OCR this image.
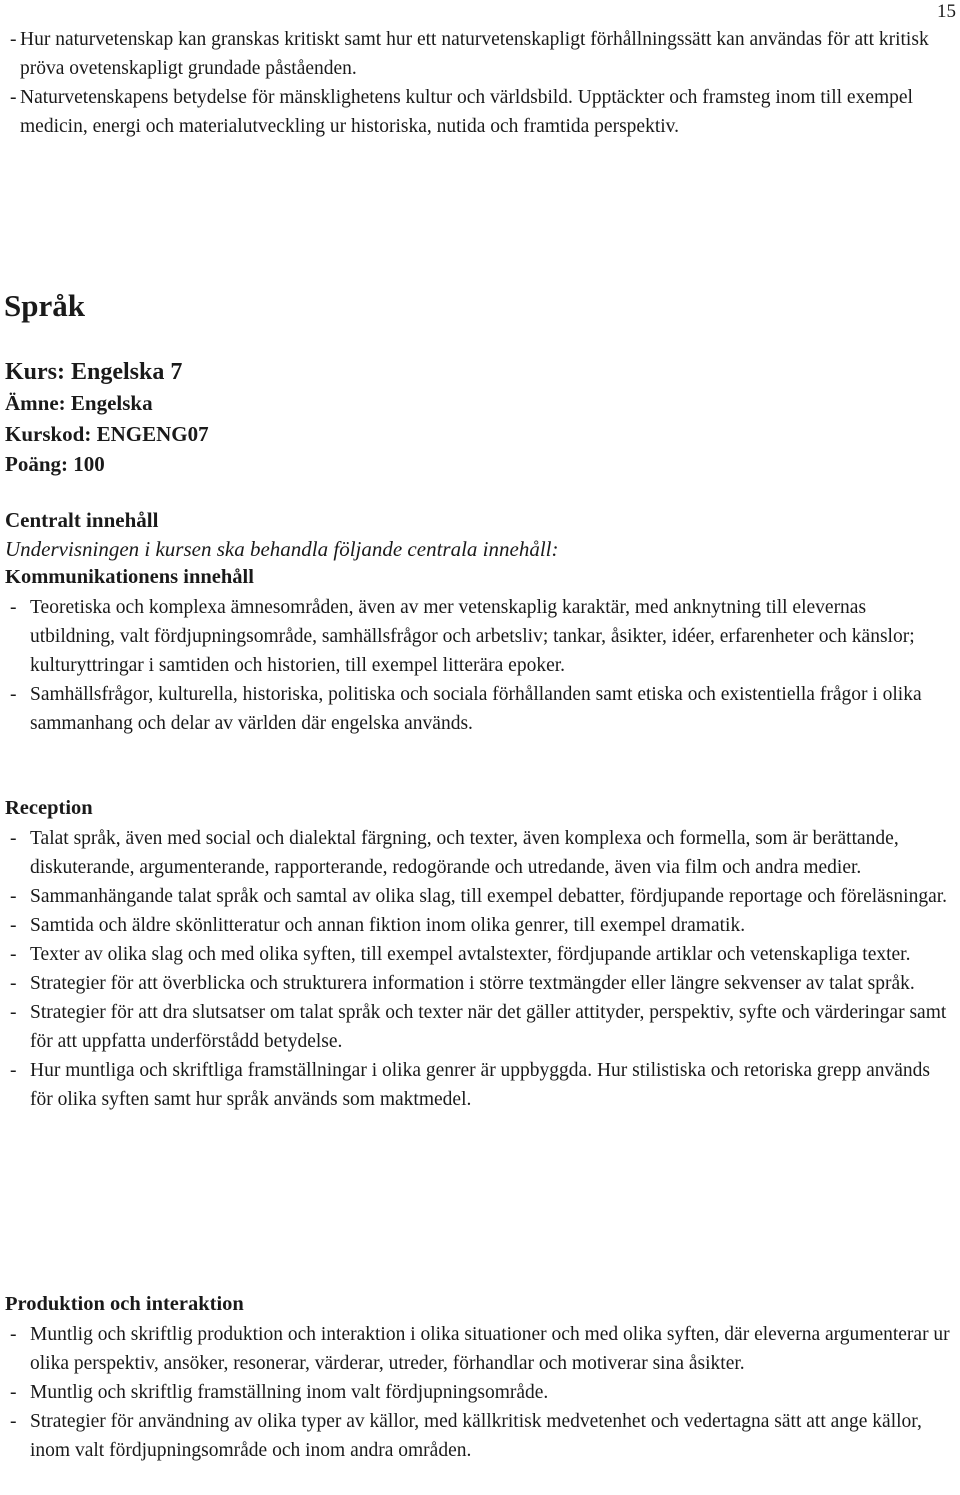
15
- Hur naturvetenskap kan granskas kritiskt samt hur ett naturvetenskapligt förhållningssätt kan användas för att kritisk pröva ovetenskapligt grundade påståenden.
- Naturvetenskapens betydelse för mänsklighetens kultur och världsbild. Upptäckter och framsteg inom till exempel medicin, energi och materialutveckling ur historiska, nutida och framtida perspektiv.
Språk
Kurs: Engelska 7
Ämne: Engelska
Kurskod: ENGENG07
Poäng: 100
Centralt innehåll
Undervisningen i kursen ska behandla följande centrala innehåll:
Kommunikationens innehåll
- Teoretiska och komplexa ämnesområden, även av mer vetenskaplig karaktär, med anknytning till elevernas utbildning, valt fördjupningsområde, samhällsfrågor och arbetsliv; tankar, åsikter, idéer, erfarenheter och känslor; kulturyttringar i samtiden och historien, till exempel litterära epoker.
- Samhällsfrågor, kulturella, historiska, politiska och sociala förhållanden samt etiska och existentiella frågor i olika sammanhang och delar av världen där engelska används.
Reception
- Talat språk, även med social och dialektal färgning, och texter, även komplexa och formella, som är berättande, diskuterande, argumenterande, rapporterande, redogörande och utredande, även via film och andra medier.
- Sammanhängande talat språk och samtal av olika slag, till exempel debatter, fördjupande reportage och föreläsningar.
- Samtida och äldre skönlitteratur och annan fiktion inom olika genrer, till exempel dramatik.
- Texter av olika slag och med olika syften, till exempel avtalstexter, fördjupande artiklar och vetenskapliga texter.
- Strategier för att överblicka och strukturera information i större textmängder eller längre sekvenser av talat språk.
- Strategier för att dra slutsatser om talat språk och texter när det gäller attityder, perspektiv, syfte och värderingar samt för att uppfatta underförstådd betydelse.
- Hur muntliga och skriftliga framställningar i olika genrer är uppbyggda. Hur stilistiska och retoriska grepp används för olika syften samt hur språk används som maktmedel.
Produktion och interaktion
- Muntlig och skriftlig produktion och interaktion i olika situationer och med olika syften, där eleverna argumenterar ur olika perspektiv, ansöker, resonerar, värderar, utreder, förhandlar och motiverar sina åsikter.
- Muntlig och skriftlig framställning inom valt fördjupningsområde.
- Strategier för användning av olika typer av källor, med källkritisk medvetenhet och vedertagna sätt att ange källor, inom valt fördjupningsområde och inom andra områden.
